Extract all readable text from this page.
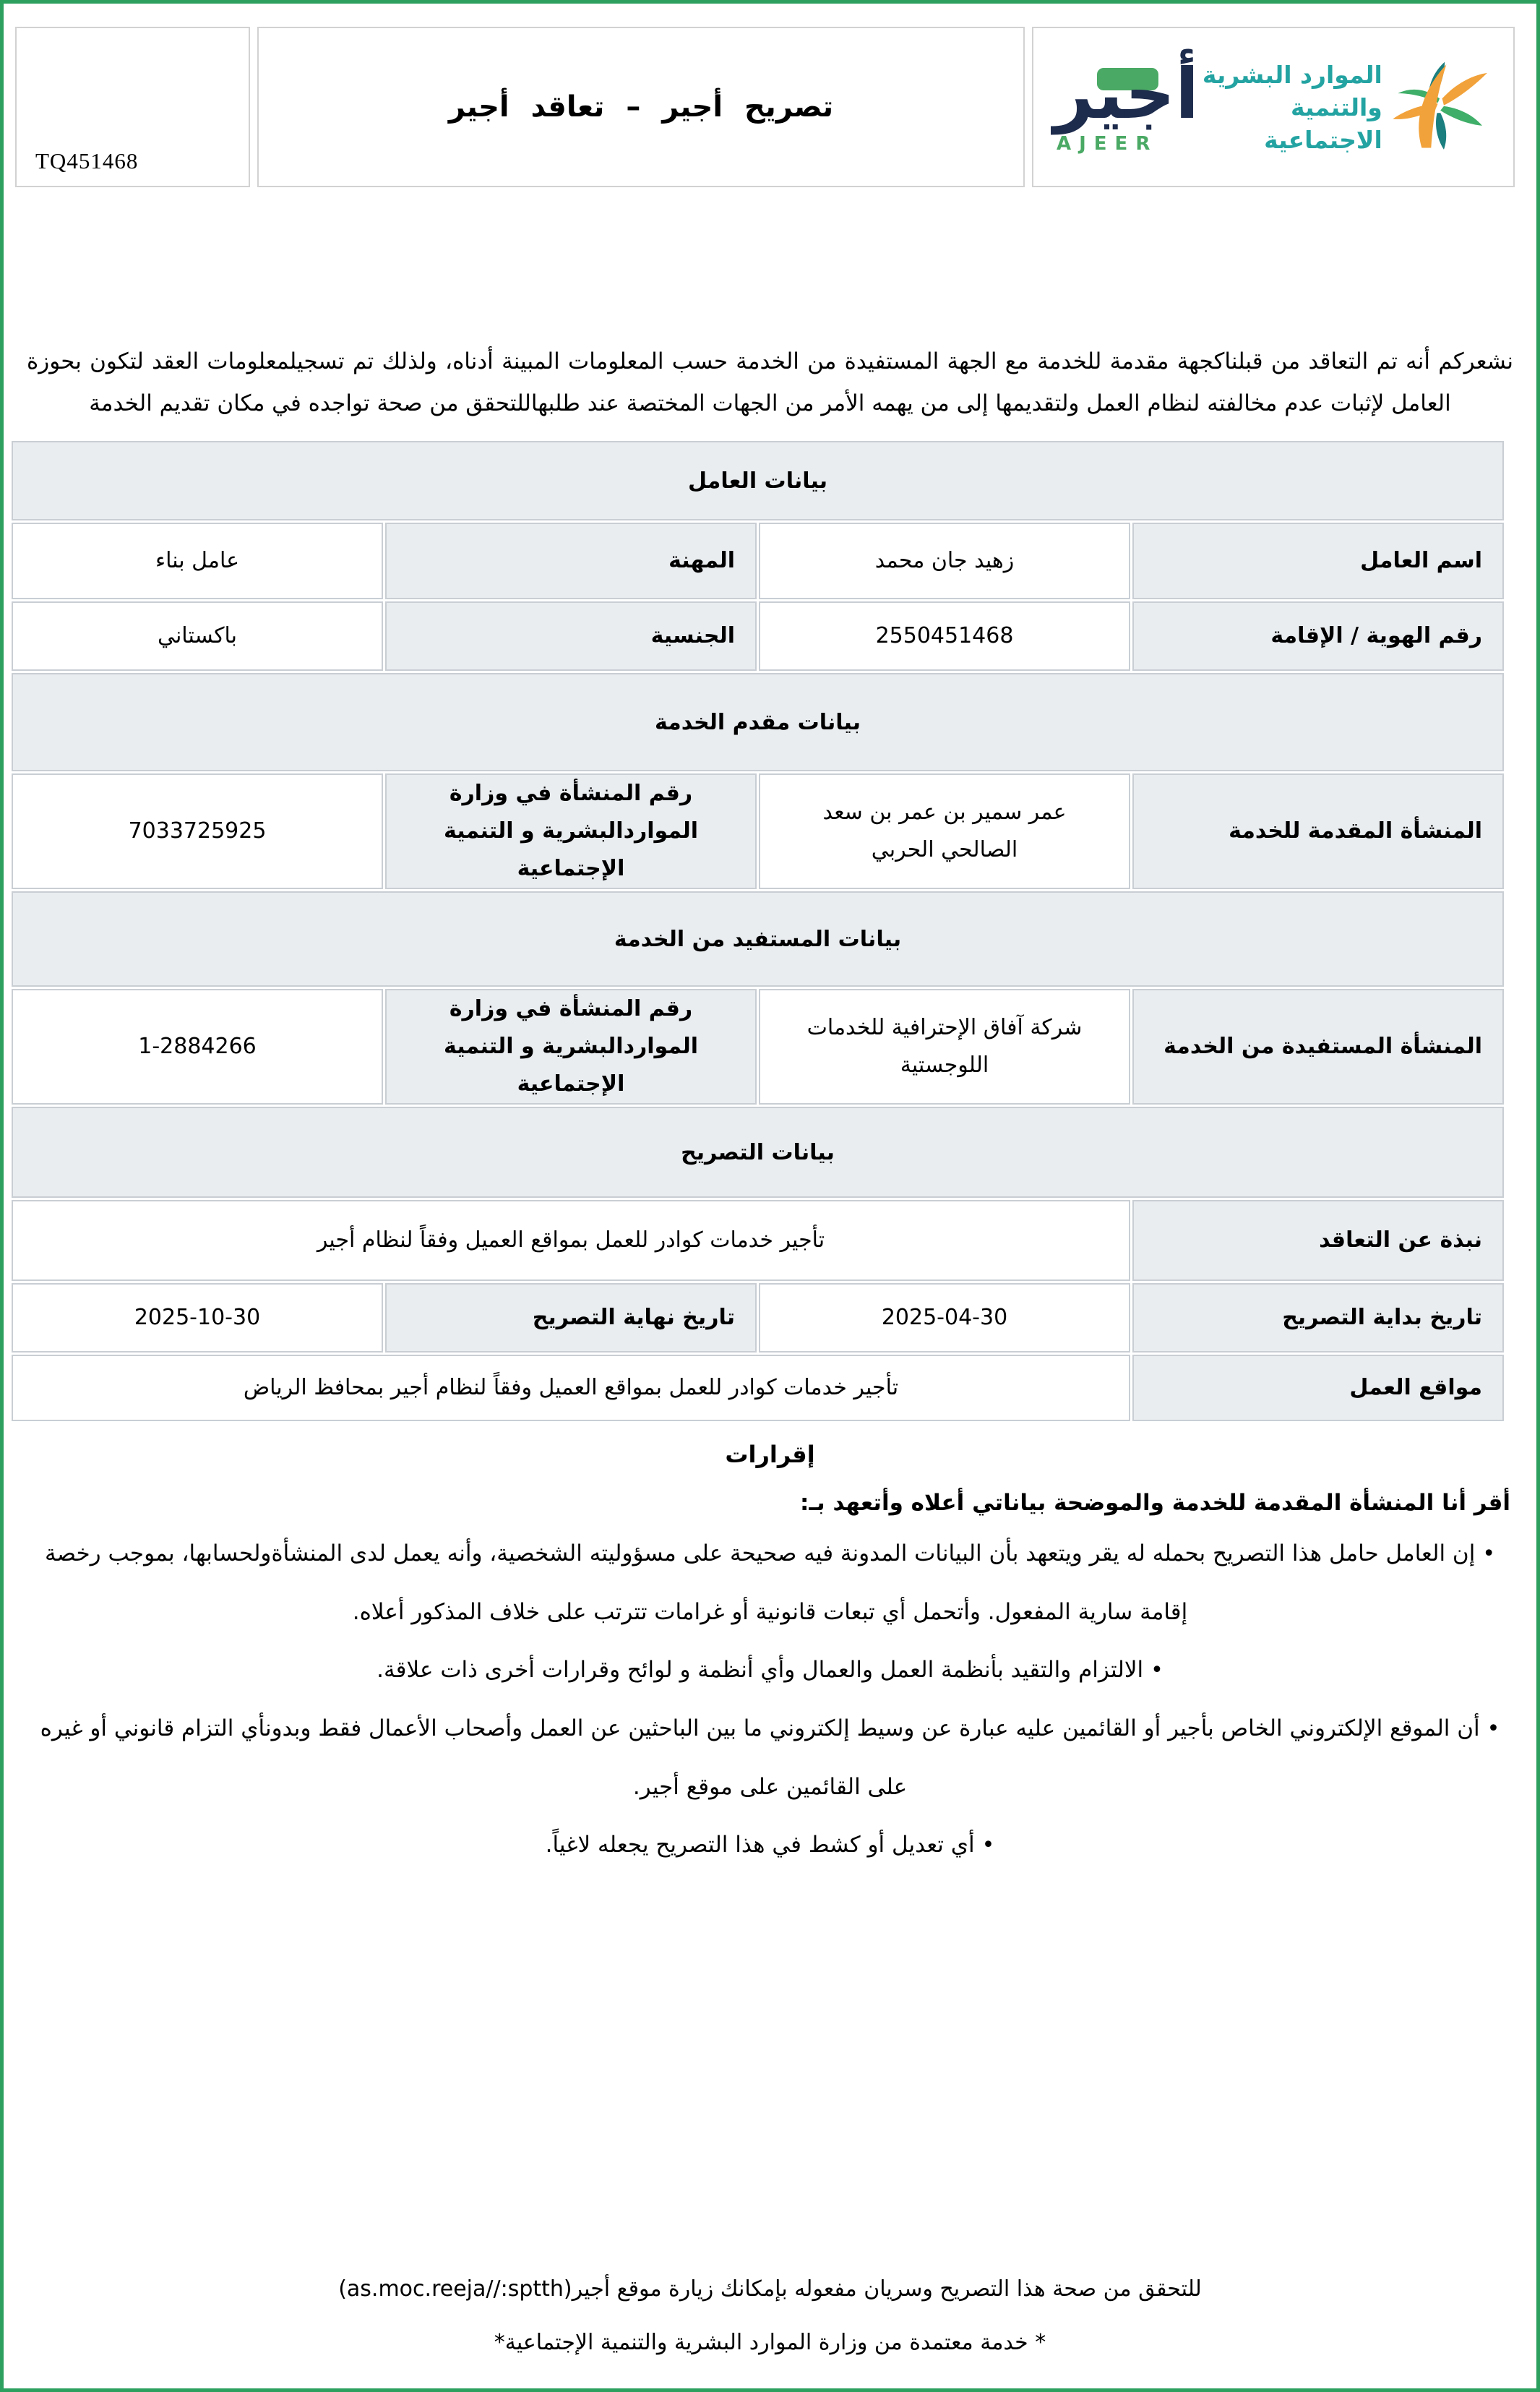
TQ451468
تصريح أجير – تعاقد أجير	أجير
AJEER
الموارد البشرية
والتنمية الاجتماعية
نشعركم أنه تم التعاقد من قبلناكجهة مقدمة للخدمة مع الجهة المستفيدة من الخدمة حسب المعلومات المبينة أدناه، ولذلك تم تسجيلمعلومات العقد لتكون بحوزة العامل لإثبات عدم مخالفته لنظام العمل ولتقديمها إلى من يهمه الأمر من الجهات المختصة عند طلبهاللتحقق من صحة تواجده في مكان تقديم الخدمة
بيانات العامل			
اسم العامل	زهيد جان محمد	المهنة	عامل بناء
رقم الهوية / الإقامة	2550451468	الجنسية	باكستاني
بيانات مقدم الخدمة			
المنشأة المقدمة للخدمة	عمر سمير بن عمر بن سعد الصالحي الحربي	رقم المنشأة في وزارة المواردالبشرية و التنمية الإجتماعية	7033725925
بيانات المستفيد من الخدمة			
المنشأة المستفيدة من الخدمة	شركة آفاق الإحترافية للخدمات اللوجستية	رقم المنشأة في وزارة المواردالبشرية و التنمية الإجتماعية	1-2884266
بيانات التصريح			
نبذة عن التعاقد	تأجير خدمات كوادر للعمل بمواقع العميل وفقاً لنظام أجير		
تاريخ بداية التصريح	2025-04-30	تاريخ نهاية التصريح	2025-10-30
مواقع العمل	تأجير خدمات كوادر للعمل بمواقع العميل وفقاً لنظام أجير بمحافظ الرياض		
إقرارات
أقر أنا المنشأة المقدمة للخدمة والموضحة بياناتي أعلاه وأتعهد بـ:
•إن العامل حامل هذا التصريح بحمله له يقر ويتعهد بأن البيانات المدونة فيه صحيحة على مسؤوليته الشخصية، وأنه يعمل لدى المنشأةولحسابها، بموجب رخصة إقامة سارية المفعول. وأتحمل أي تبعات قانونية أو غرامات تترتب على خلاف المذكور أعلاه.
•الالتزام والتقيد بأنظمة العمل والعمال وأي أنظمة و لوائح وقرارات أخرى ذات علاقة.
•أن الموقع الإلكتروني الخاص بأجير أو القائمين عليه عبارة عن وسيط إلكتروني ما بين الباحثين عن العمل وأصحاب الأعمال فقط وبدونأي التزام قانوني أو غيره على القائمين على موقع أجير.
•أي تعديل أو كشط في هذا التصريح يجعله لاغياً.
للتحقق من صحة هذا التصريح وسريان مفعوله بإمكانك زيارة موقع أجير(as.moc.reeja//:sptth)
* خدمة معتمدة من وزارة الموارد البشرية والتنمية الإجتماعية*
